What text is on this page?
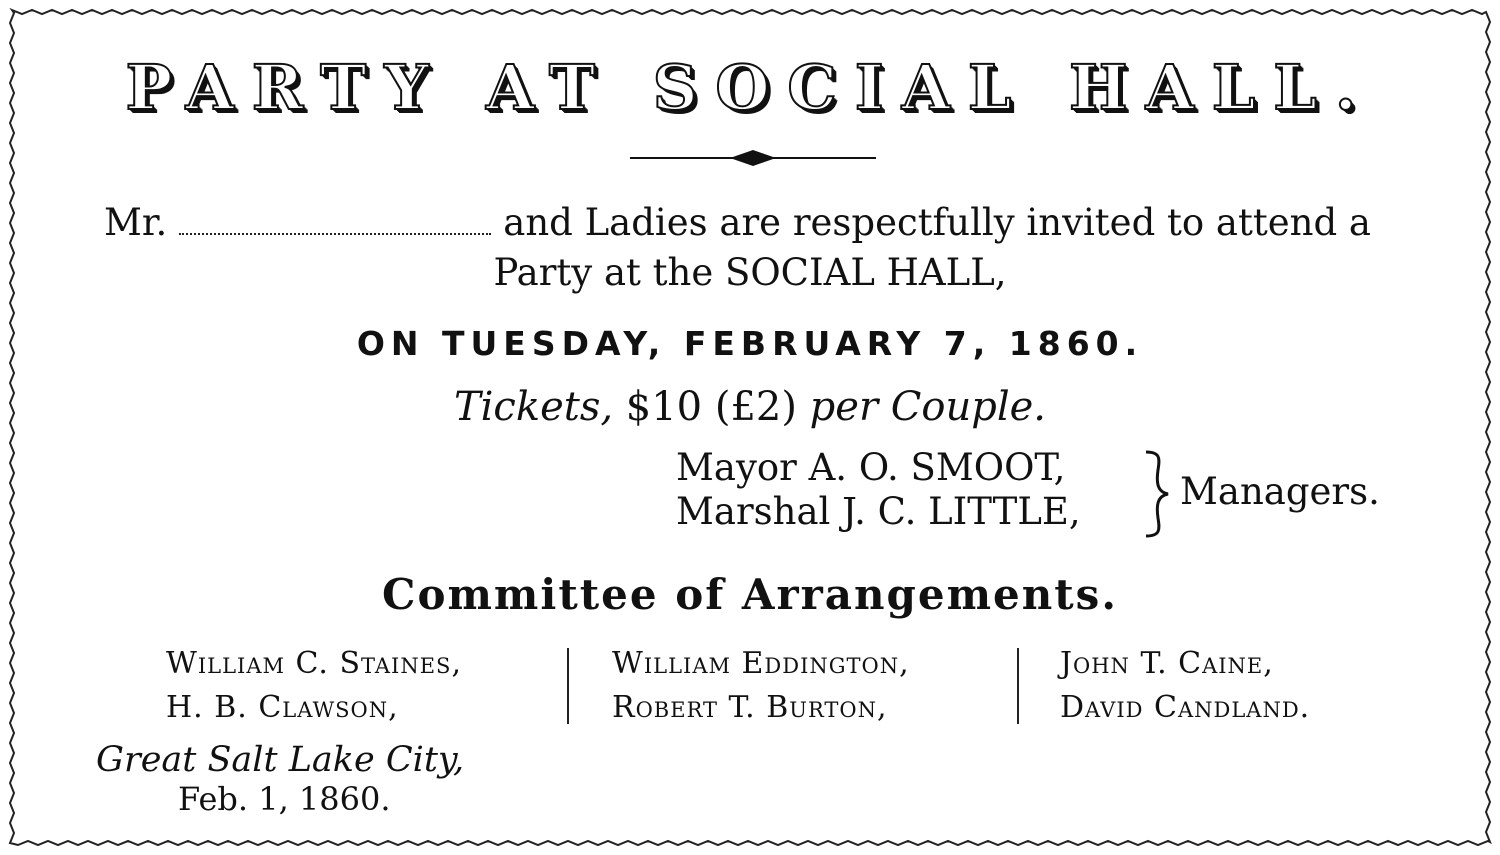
PARTY AT SOCIAL HALL.
Mr.	and Ladies are respectfully invited to attend a
Party at the SOCIAL HALL,
ON TUESDAY, FEBRUARY 7, 1860.
Tickets, $10 (£2) per Couple.
Mayor A. O. SMOOT,
Marshal J. C. LITTLE,	Managers.
Committee of Arrangements.
William C. Staines,
H. B. Clawson,
William Eddington,
Robert T. Burton,
John T. Caine,
David Candland.
Great Salt Lake City,
Feb. 1, 1860.
